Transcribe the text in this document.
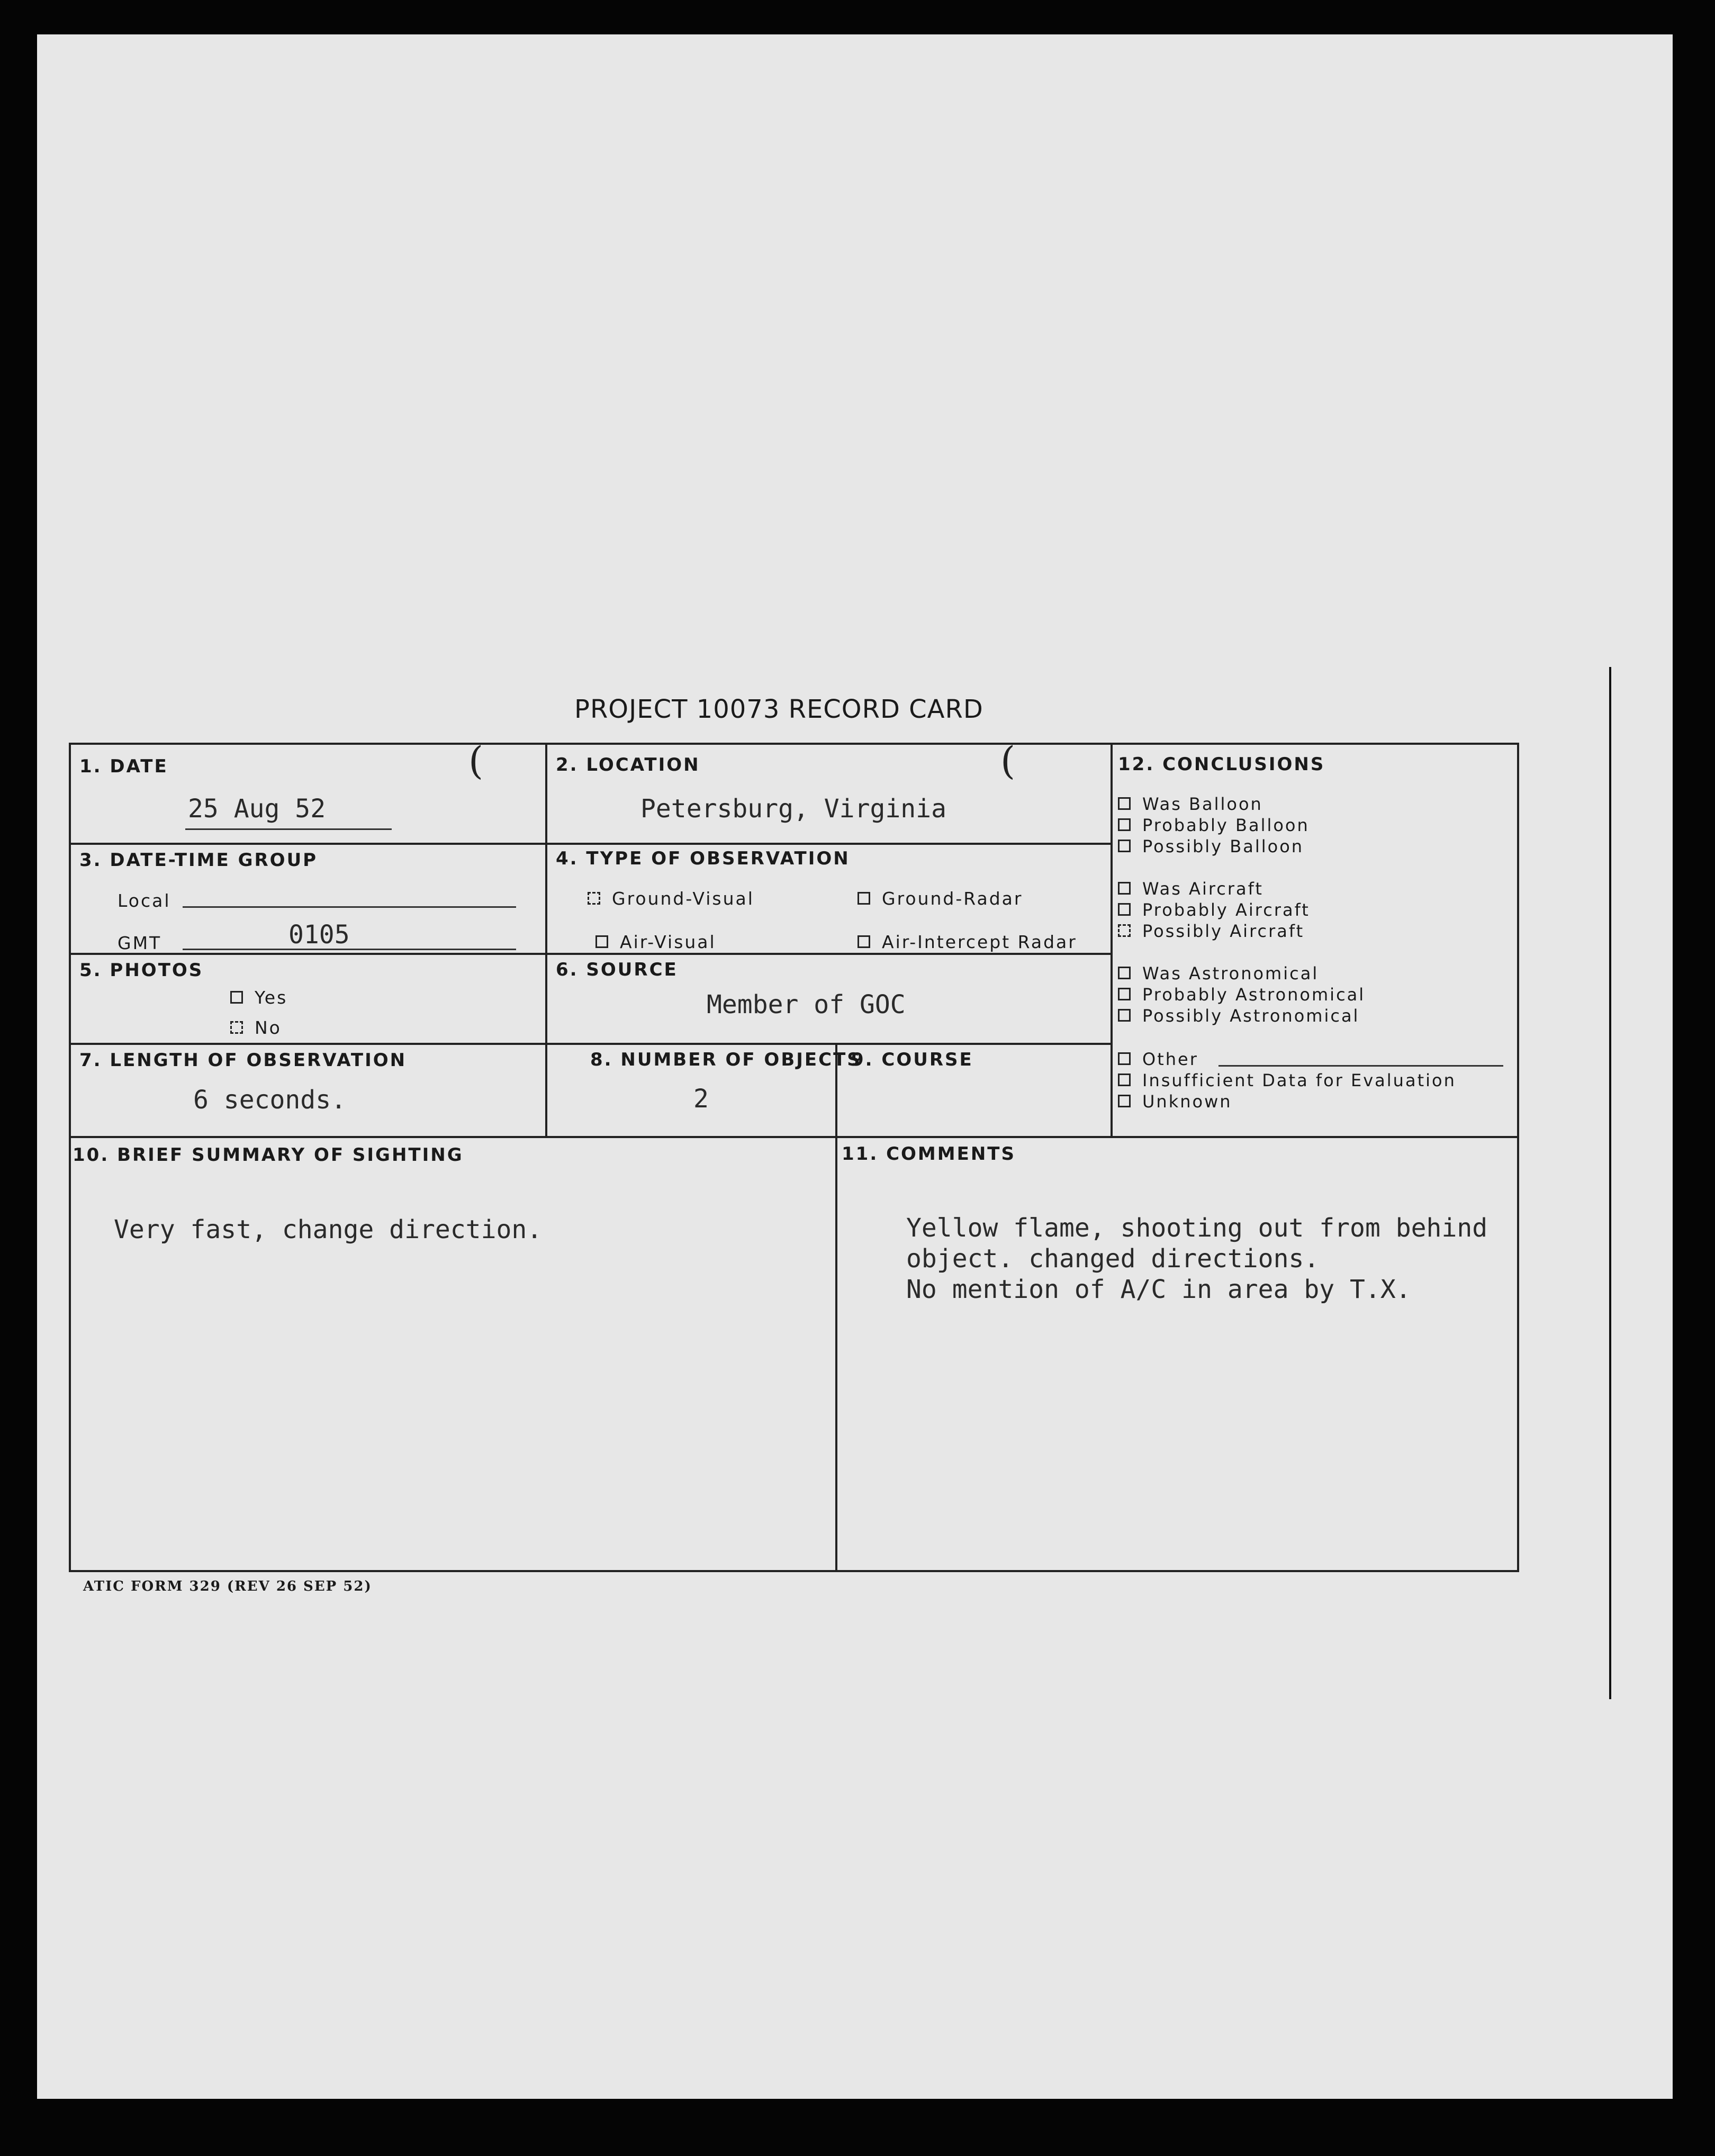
PROJECT 10073 RECORD CARD
(	(
1. DATE
25 Aug 52
2. LOCATION
Petersburg, Virginia
3. DATE-TIME GROUP
Local
GMT	0105
4. TYPE OF OBSERVATION
Ground-Visual	Ground-Radar
Air-Visual	Air-Intercept Radar
5. PHOTOS
Yes
No
6. SOURCE
Member of GOC
7. LENGTH OF OBSERVATION
6 seconds.
8. NUMBER OF OBJECTS
2
9. COURSE
10. BRIEF SUMMARY OF SIGHTING
Very fast, change direction.
11. COMMENTS
Yellow flame, shooting out from behind
object. changed directions.
No mention of A/C in area by T.X.
12. CONCLUSIONS
Was Balloon
Probably Balloon
Possibly Balloon
Was Aircraft
Probably Aircraft
Possibly Aircraft
Was Astronomical
Probably Astronomical
Possibly Astronomical
Other
Insufficient Data for Evaluation
Unknown
ATIC FORM 329 (REV 26 SEP 52)
